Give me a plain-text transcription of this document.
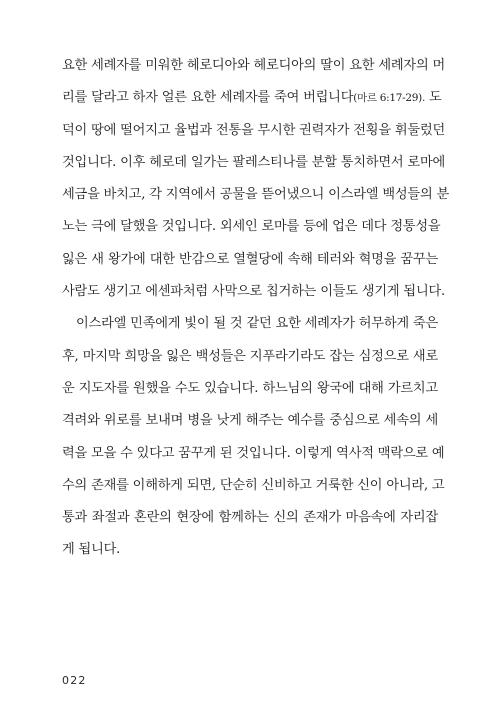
요한 세례자를 미워한 헤로디아와 헤로디아의 딸이 요한 세례자의 머
리를 달라고 하자 얼른 요한 세례자를 죽여 버립니다(마르 6:17-29). 도
덕이 땅에 떨어지고 율법과 전통을 무시한 권력자가 전횡을 휘둘렀던
것입니다. 이후 헤로데 일가는 팔레스티나를 분할 통치하면서 로마에
세금을 바치고, 각 지역에서 공물을 뜯어냈으니 이스라엘 백성들의 분
노는 극에 달했을 것입니다. 외세인 로마를 등에 업은 데다 정통성을
잃은 새 왕가에 대한 반감으로 열혈당에 속해 테러와 혁명을 꿈꾸는
사람도 생기고 에센파처럼 사막으로 칩거하는 이들도 생기게 됩니다.
이스라엘 민족에게 빛이 될 것 같던 요한 세례자가 허무하게 죽은
후, 마지막 희망을 잃은 백성들은 지푸라기라도 잡는 심정으로 새로
운 지도자를 원했을 수도 있습니다. 하느님의 왕국에 대해 가르치고
격려와 위로를 보내며 병을 낫게 해주는 예수를 중심으로 세속의 세
력을 모을 수 있다고 꿈꾸게 된 것입니다. 이렇게 역사적 맥락으로 예
수의 존재를 이해하게 되면, 단순히 신비하고 거룩한 신이 아니라, 고
통과 좌절과 혼란의 현장에 함께하는 신의 존재가 마음속에 자리잡
게 됩니다.
022
